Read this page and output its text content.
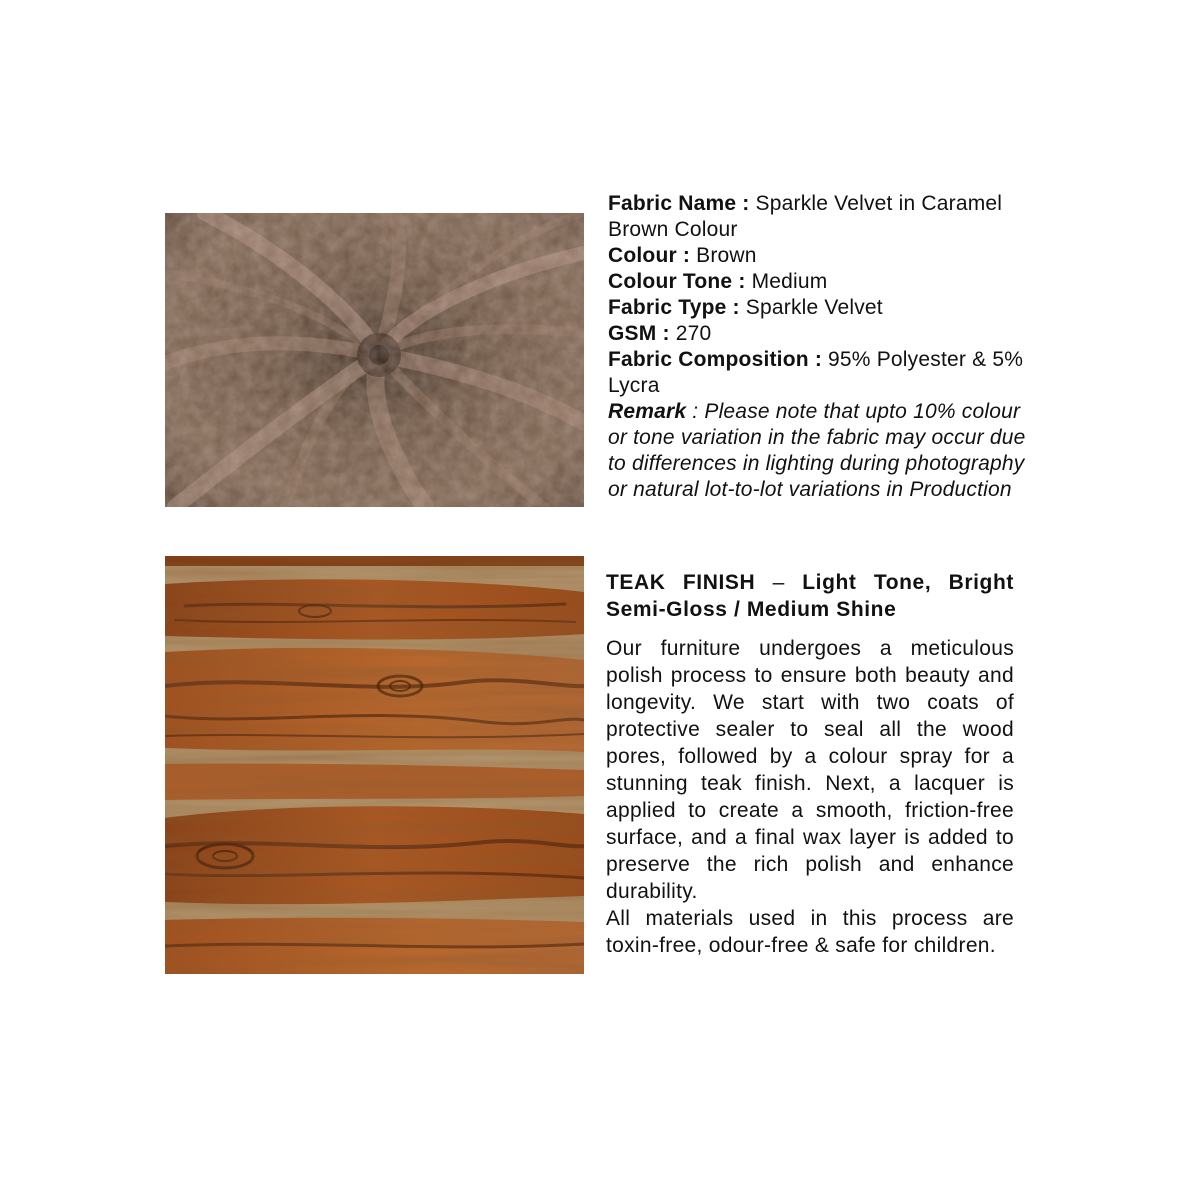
Fabric Name : Sparkle Velvet in Caramel Brown Colour

Colour : Brown

Colour Tone : Medium

Fabric Type : Sparkle Velvet

GSM : 270

Fabric Composition : 95% Polyester & 5% Lycra

Remark : Please note that upto 10% colour or tone variation in the fabric may occur due to differences in lighting during photography or natural lot-to-lot variations in Production

TEAK FINISH – Light Tone, Bright Semi-Gloss / Medium Shine

Our furniture undergoes a meticulous polish process to ensure both beauty and longevity. We start with two coats of protective sealer to seal all the wood pores, followed by a colour spray for a stunning teak finish. Next, a lacquer is applied to create a smooth, friction-free surface, and a final wax layer is added to preserve the rich polish and enhance durability.

All materials used in this process are toxin-free, odour-free & safe for children.
